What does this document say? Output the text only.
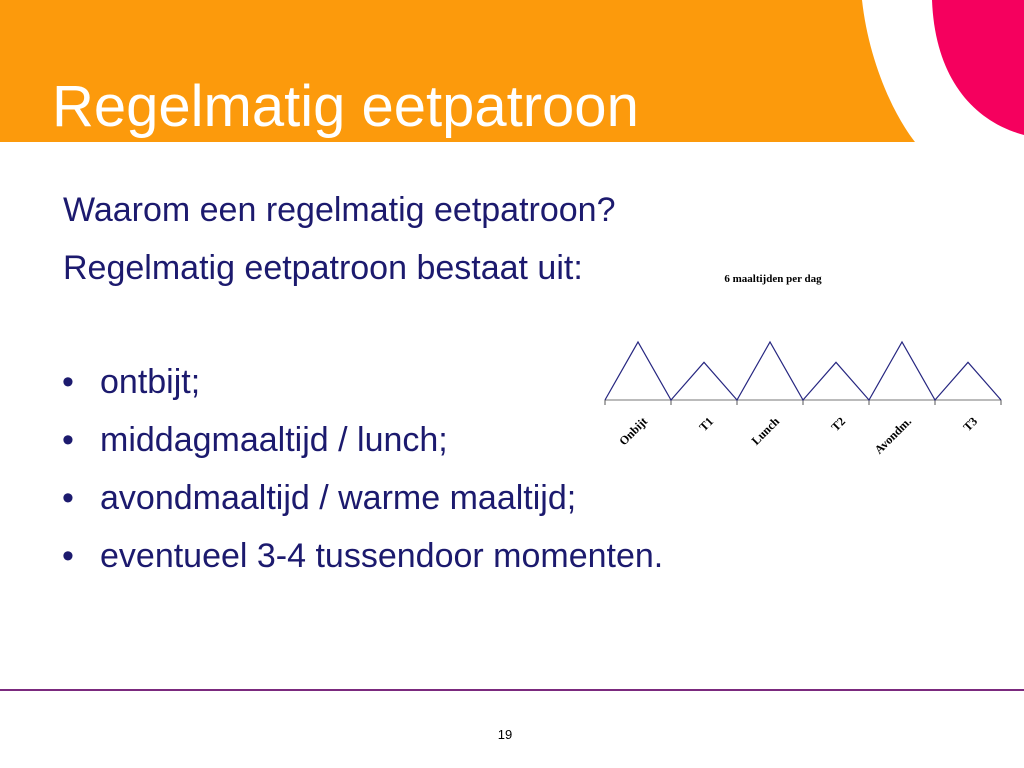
Regelmatig eetpatroon

Waarom een regelmatig eetpatroon?

Regelmatig eetpatroon bestaat uit:

• ontbijt;
• middagmaaltijd / lunch;
• avondmaaltijd / warme maaltijd;
• eventueel 3-4 tussendoor momenten.
6 maaltijden per dag
Onbijt	T1	Lunch	T2 Avondm.	T3
19
